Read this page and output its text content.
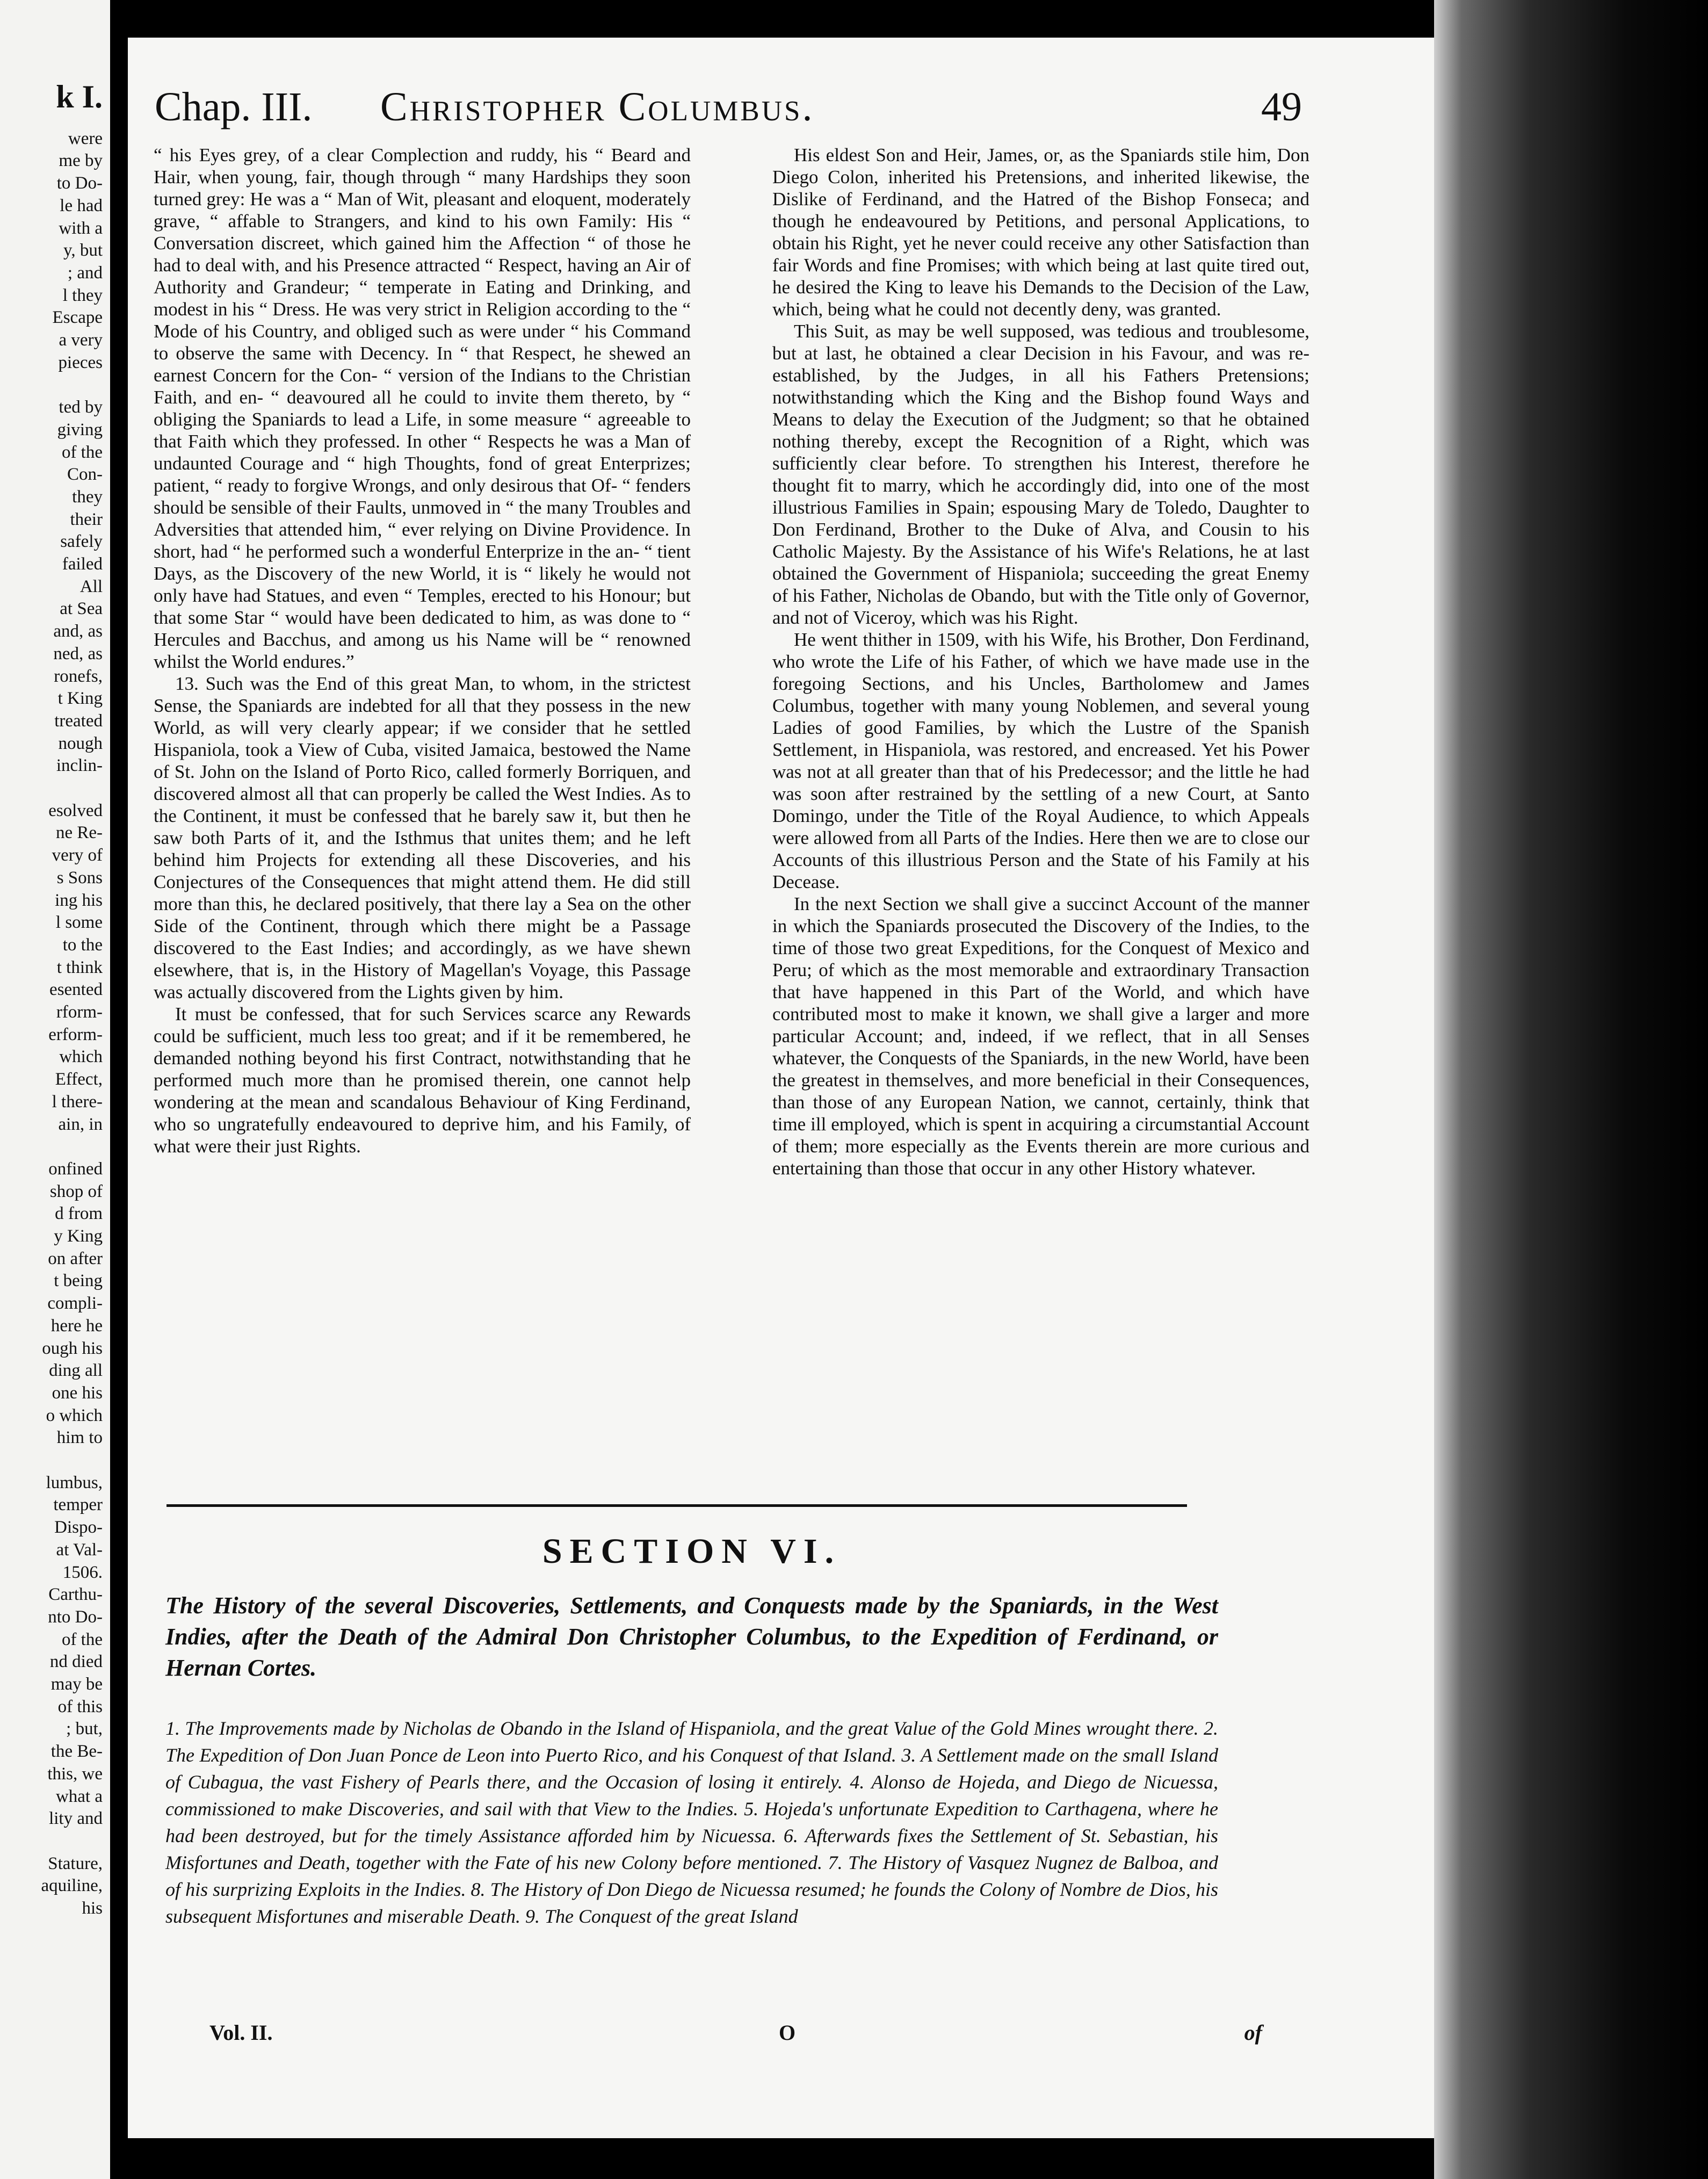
k I.
were
me by
to Do-
le had
with a
y, but
; and
l they
Escape
a very
pieces
ted by
giving
of the
Con-
they
their
safely
failed
All
at Sea
and, as
ned, as
ronefs,
t King
treated
nough
inclin-
esolved
ne Re-
very of
s Sons
ing his
l some
to the
t think
esented
rform-
erform-
which
Effect,
l there-
ain, in
onfined
shop of
d from
y King
on after
t being
compli-
here he
ough his
ding all
one his
o which
him to
lumbus,
temper
Dispo-
at Val-
1506.
Carthu-
nto Do-
of the
nd died
may be
of this
; but,
the Be-
this, we
what a
lity and
Stature,
aquiline,
his
Chap. III. Christopher Columbus.	49

“ his Eyes grey, of a clear Complection and ruddy, his “ Beard and Hair, when young, fair, though through “ many Hardships they soon turned grey: He was a “ Man of Wit, pleasant and eloquent, moderately grave, “ affable to Strangers, and kind to his own Family: His “ Conversation discreet, which gained him the Affection “ of those he had to deal with, and his Presence attracted “ Respect, having an Air of Authority and Grandeur; “ temperate in Eating and Drinking, and modest in his “ Dress. He was very strict in Religion according to the “ Mode of his Country, and obliged such as were under “ his Command to observe the same with Decency. In “ that Respect, he shewed an earnest Concern for the Con- “ version of the Indians to the Christian Faith, and en- “ deavoured all he could to invite them thereto, by “ obliging the Spaniards to lead a Life, in some measure “ agreeable to that Faith which they professed. In other “ Respects he was a Man of undaunted Courage and “ high Thoughts, fond of great Enterprizes; patient, “ ready to forgive Wrongs, and only desirous that Of- “ fenders should be sensible of their Faults, unmoved in “ the many Troubles and Adversities that attended him, “ ever relying on Divine Providence. In short, had “ he performed such a wonderful Enterprize in the an- “ tient Days, as the Discovery of the new World, it is “ likely he would not only have had Statues, and even “ Temples, erected to his Honour; but that some Star “ would have been dedicated to him, as was done to “ Hercules and Bacchus, and among us his Name will be “ renowned whilst the World endures.”

13. Such was the End of this great Man, to whom, in the strictest Sense, the Spaniards are indebted for all that they possess in the new World, as will very clearly appear; if we consider that he settled Hispaniola, took a View of Cuba, visited Jamaica, bestowed the Name of St. John on the Island of Porto Rico, called formerly Borriquen, and discovered almost all that can properly be called the West Indies. As to the Continent, it must be confessed that he barely saw it, but then he saw both Parts of it, and the Isthmus that unites them; and he left behind him Projects for extending all these Discoveries, and his Conjectures of the Consequences that might attend them. He did still more than this, he declared positively, that there lay a Sea on the other Side of the Continent, through which there might be a Passage discovered to the East Indies; and accordingly, as we have shewn elsewhere, that is, in the History of Magellan's Voyage, this Passage was actually discovered from the Lights given by him.

It must be confessed, that for such Services scarce any Rewards could be sufficient, much less too great; and if it be remembered, he demanded nothing beyond his first Contract, notwithstanding that he performed much more than he promised therein, one cannot help wondering at the mean and scandalous Behaviour of King Ferdinand, who so ungratefully endeavoured to deprive him, and his Family, of what were their just Rights.

His eldest Son and Heir, James, or, as the Spaniards stile him, Don Diego Colon, inherited his Pretensions, and inherited likewise, the Dislike of Ferdinand, and the Hatred of the Bishop Fonseca; and though he endeavoured by Petitions, and personal Applications, to obtain his Right, yet he never could receive any other Satisfaction than fair Words and fine Promises; with which being at last quite tired out, he desired the King to leave his Demands to the Decision of the Law, which, being what he could not decently deny, was granted.

This Suit, as may be well supposed, was tedious and troublesome, but at last, he obtained a clear Decision in his Favour, and was re-established, by the Judges, in all his Fathers Pretensions; notwithstanding which the King and the Bishop found Ways and Means to delay the Execution of the Judgment; so that he obtained nothing thereby, except the Recognition of a Right, which was sufficiently clear before. To strengthen his Interest, therefore he thought fit to marry, which he accordingly did, into one of the most illustrious Families in Spain; espousing Mary de Toledo, Daughter to Don Ferdinand, Brother to the Duke of Alva, and Cousin to his Catholic Majesty. By the Assistance of his Wife's Relations, he at last obtained the Government of Hispaniola; succeeding the great Enemy of his Father, Nicholas de Obando, but with the Title only of Governor, and not of Viceroy, which was his Right.

He went thither in 1509, with his Wife, his Brother, Don Ferdinand, who wrote the Life of his Father, of which we have made use in the foregoing Sections, and his Uncles, Bartholomew and James Columbus, together with many young Noblemen, and several young Ladies of good Families, by which the Lustre of the Spanish Settlement, in Hispaniola, was restored, and encreased. Yet his Power was not at all greater than that of his Predecessor; and the little he had was soon after restrained by the settling of a new Court, at Santo Domingo, under the Title of the Royal Audience, to which Appeals were allowed from all Parts of the Indies. Here then we are to close our Accounts of this illustrious Person and the State of his Family at his Decease.

In the next Section we shall give a succinct Account of the manner in which the Spaniards prosecuted the Discovery of the Indies, to the time of those two great Expeditions, for the Conquest of Mexico and Peru; of which as the most memorable and extraordinary Transaction that have happened in this Part of the World, and which have contributed most to make it known, we shall give a larger and more particular Account; and, indeed, if we reflect, that in all Senses whatever, the Conquests of the Spaniards, in the new World, have been the greatest in themselves, and more beneficial in their Consequences, than those of any European Nation, we cannot, certainly, think that time ill employed, which is spent in acquiring a circumstantial Account of them; more especially as the Events therein are more curious and entertaining than those that occur in any other History whatever.

SECTION VI.
The History of the several Discoveries, Settlements, and Conquests made by the Spaniards, in the West Indies, after the Death of the Admiral Don Christopher Columbus, to the Expedition of Ferdinand, or Hernan Cortes.
1. The Improvements made by Nicholas de Obando in the Island of Hispaniola, and the great Value of the Gold Mines wrought there. 2. The Expedition of Don Juan Ponce de Leon into Puerto Rico, and his Conquest of that Island. 3. A Settlement made on the small Island of Cubagua, the vast Fishery of Pearls there, and the Occasion of losing it entirely. 4. Alonso de Hojeda, and Diego de Nicuessa, commissioned to make Discoveries, and sail with that View to the Indies. 5. Hojeda's unfortunate Expedition to Carthagena, where he had been destroyed, but for the timely Assistance afforded him by Nicuessa. 6. Afterwards fixes the Settlement of St. Sebastian, his Misfortunes and Death, together with the Fate of his new Colony before mentioned. 7. The History of Vasquez Nugnez de Balboa, and of his surprizing Exploits in the Indies. 8. The History of Don Diego de Nicuessa resumed; he founds the Colony of Nombre de Dios, his subsequent Misfortunes and miserable Death. 9. The Conquest of the great Island
Vol. II.	O	of
